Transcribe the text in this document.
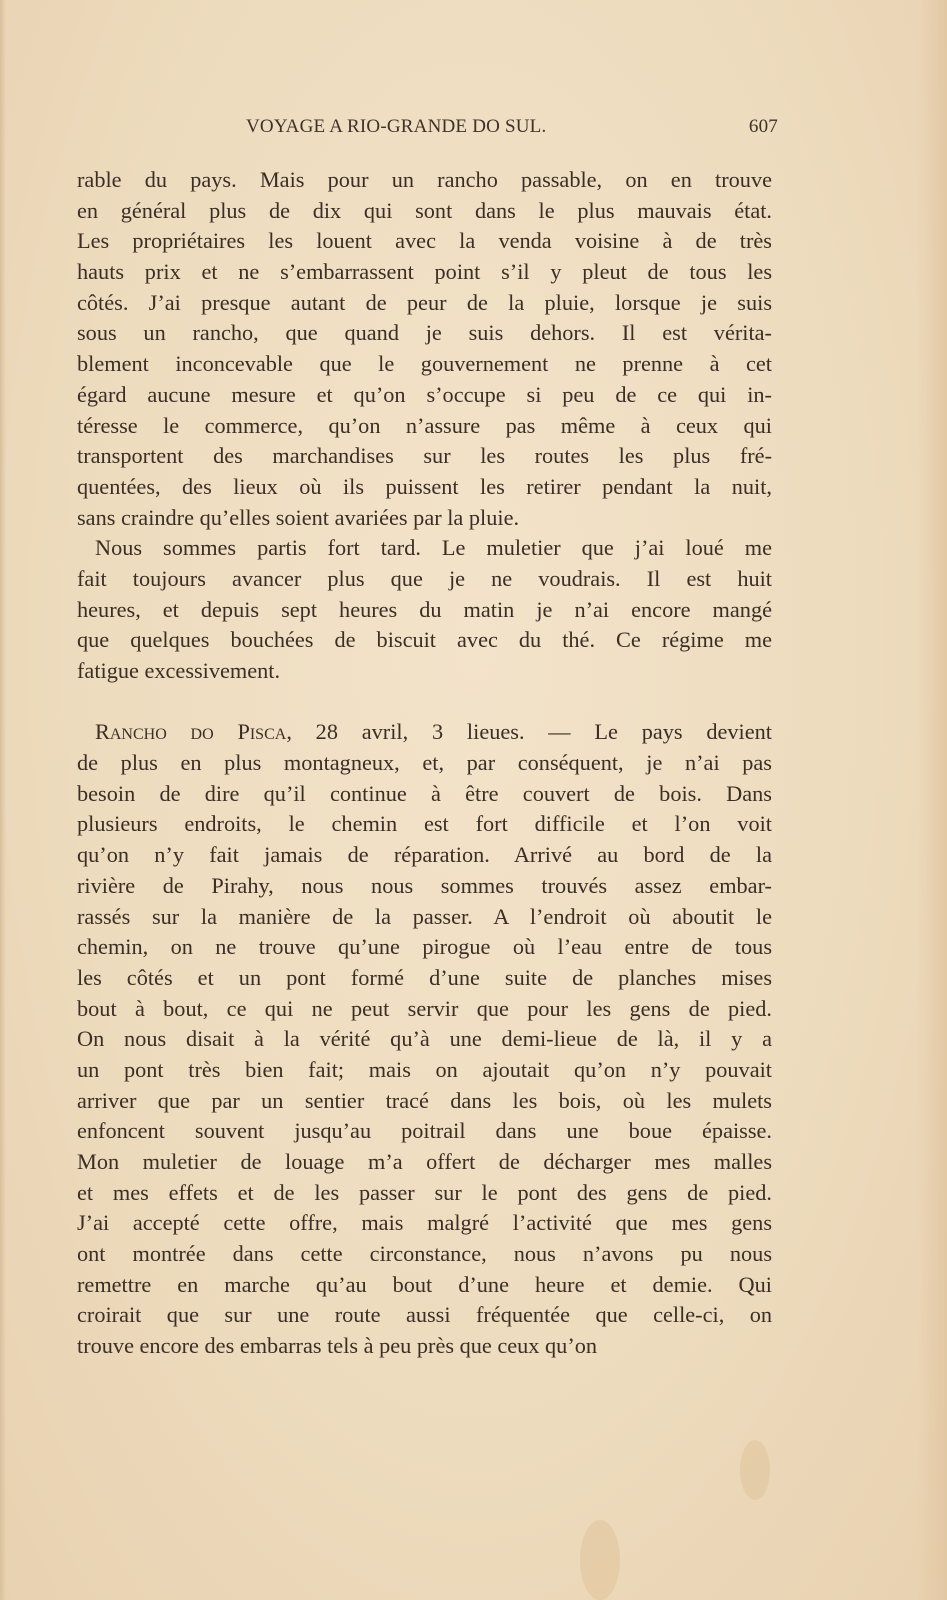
VOYAGE A RIO-GRANDE DO SUL.	607
rable du pays. Mais pour un rancho passable, on en trouve
en général plus de dix qui sont dans le plus mauvais état.
Les propriétaires les louent avec la venda voisine à de très
hauts prix et ne s’embarrassent point s’il y pleut de tous les
côtés. J’ai presque autant de peur de la pluie, lorsque je suis
sous un rancho, que quand je suis dehors. Il est vérita-
blement inconcevable que le gouvernement ne prenne à cet
égard aucune mesure et qu’on s’occupe si peu de ce qui in-
téresse le commerce, qu’on n’assure pas même à ceux qui
transportent des marchandises sur les routes les plus fré-
quentées, des lieux où ils puissent les retirer pendant la nuit,
sans craindre qu’elles soient avariées par la pluie.
Nous sommes partis fort tard. Le muletier que j’ai loué me
fait toujours avancer plus que je ne voudrais. Il est huit
heures, et depuis sept heures du matin je n’ai encore mangé
que quelques bouchées de biscuit avec du thé. Ce régime me
fatigue excessivement.
Rancho do Pisca, 28 avril, 3 lieues. — Le pays devient
de plus en plus montagneux, et, par conséquent, je n’ai pas
besoin de dire qu’il continue à être couvert de bois. Dans
plusieurs endroits, le chemin est fort difficile et l’on voit
qu’on n’y fait jamais de réparation. Arrivé au bord de la
rivière de Pirahy, nous nous sommes trouvés assez embar-
rassés sur la manière de la passer. A l’endroit où aboutit le
chemin, on ne trouve qu’une pirogue où l’eau entre de tous
les côtés et un pont formé d’une suite de planches mises
bout à bout, ce qui ne peut servir que pour les gens de pied.
On nous disait à la vérité qu’à une demi-lieue de là, il y a
un pont très bien fait; mais on ajoutait qu’on n’y pouvait
arriver que par un sentier tracé dans les bois, où les mulets
enfoncent souvent jusqu’au poitrail dans une boue épaisse.
Mon muletier de louage m’a offert de décharger mes malles
et mes effets et de les passer sur le pont des gens de pied.
J’ai accepté cette offre, mais malgré l’activité que mes gens
ont montrée dans cette circonstance, nous n’avons pu nous
remettre en marche qu’au bout d’une heure et demie. Qui
croirait que sur une route aussi fréquentée que celle-ci, on
trouve encore des embarras tels à peu près que ceux qu’on
